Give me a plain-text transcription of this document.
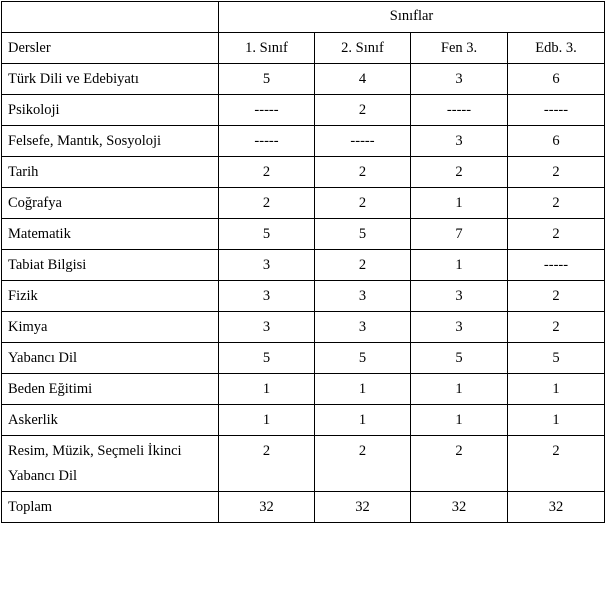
	Sınıflar			
Dersler	1. Sınıf	2. Sınıf	Fen 3.	Edb. 3.
Türk Dili ve Edebiyatı	5	4	3	6
Psikoloji	-----	2	-----	-----
Felsefe, Mantık, Sosyoloji	-----	-----	3	6
Tarih	2	2	2	2
Coğrafya	2	2	1	2
Matematik	5	5	7	2
Tabiat Bilgisi	3	2	1	-----
Fizik	3	3	3	2
Kimya	3	3	3	2
Yabancı Dil	5	5	5	5
Beden Eğitimi	1	1	1	1
Askerlik	1	1	1	1

Resim, Müzik, Seçmeli İkinci
Yabancı Dil	2	2	2	2
Toplam	32	32	32	32
